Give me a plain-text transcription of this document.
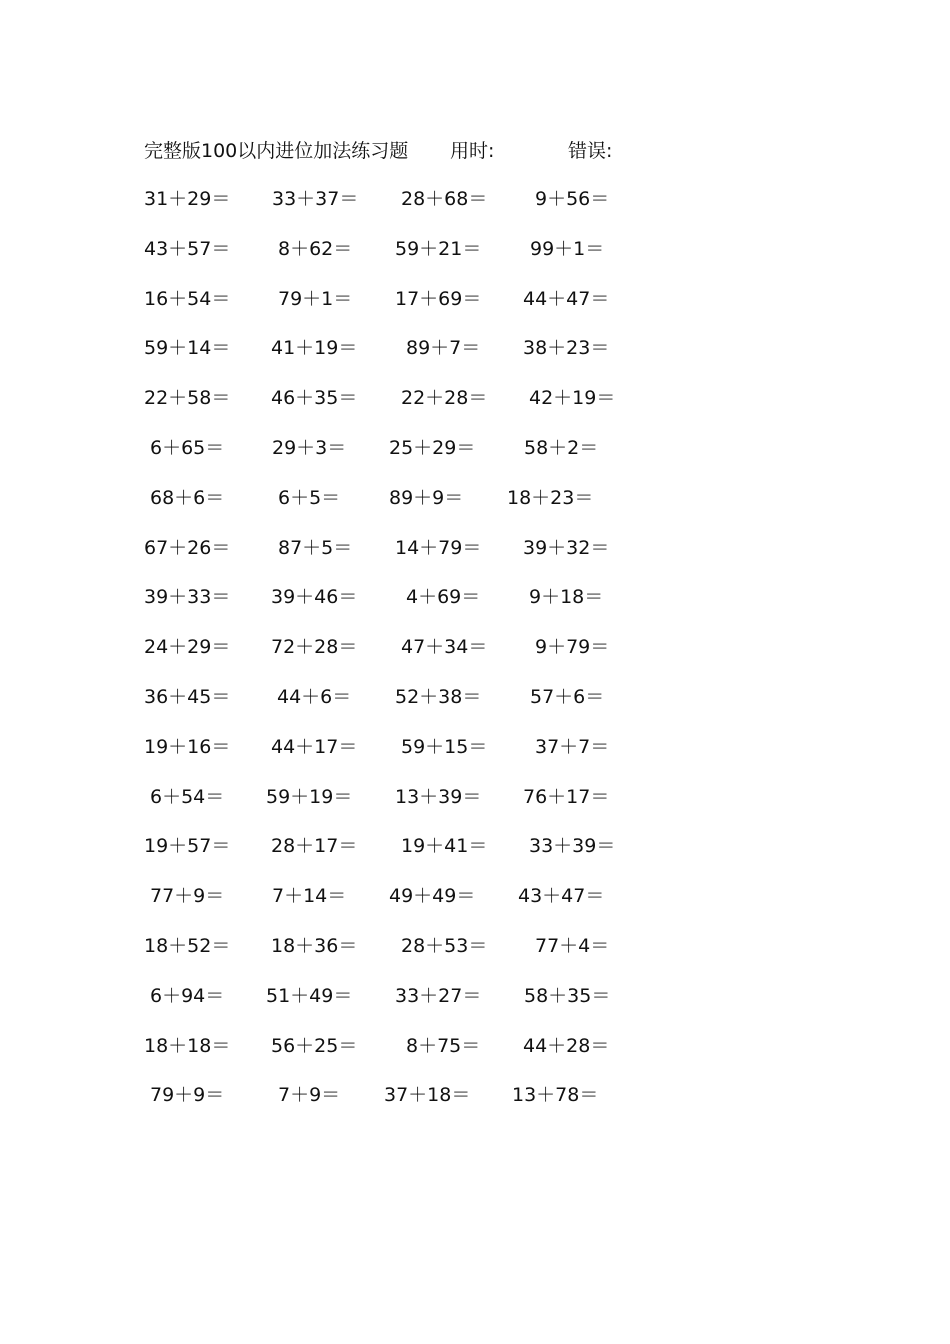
完整版100以内进位加法练习题 用时:	错误:
31＋29＝ 33＋37＝ 28＋68＝	9＋56＝
43＋57＝	8＋62＝ 59＋21＝	99＋1＝
16＋54＝	79＋1＝ 17＋69＝ 44＋47＝
59＋14＝ 41＋19＝	89＋7＝ 38＋23＝
22＋58＝ 46＋35＝ 22＋28＝ 42＋19＝
6＋65＝	29＋3＝ 25＋29＝	58＋2＝
68＋6＝	6＋5＝	89＋9＝ 18＋23＝
67＋26＝	87＋5＝ 14＋79＝ 39＋32＝
39＋33＝ 39＋46＝	4＋69＝	9＋18＝
24＋29＝ 72＋28＝ 47＋34＝	9＋79＝
36＋45＝ 44＋6＝ 52＋38＝	57＋6＝
19＋16＝ 44＋17＝ 59＋15＝	37＋7＝
6＋54＝ 59＋19＝ 13＋39＝ 76＋17＝
19＋57＝ 28＋17＝ 19＋41＝ 33＋39＝
77＋9＝	7＋14＝ 49＋49＝ 43＋47＝
18＋52＝ 18＋36＝ 28＋53＝	77＋4＝
6＋94＝ 51＋49＝ 33＋27＝ 58＋35＝
18＋18＝ 56＋25＝	8＋75＝ 44＋28＝
79＋9＝	7＋9＝ 37＋18＝ 13＋78＝
